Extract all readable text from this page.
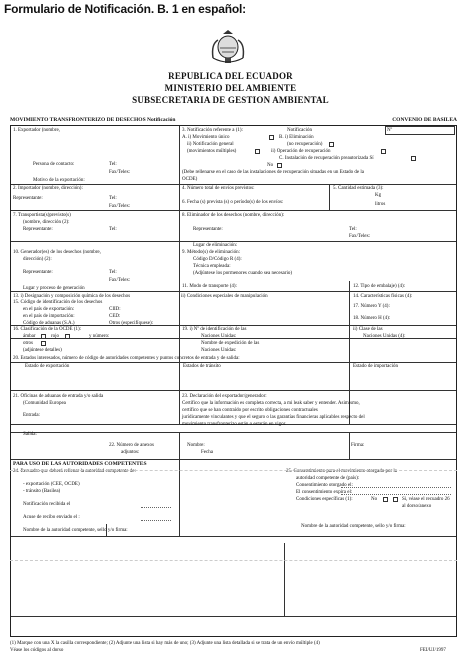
Formulario de Notificación. B. 1 en español:
REPUBLICA DEL ECUADOR
MINISTERIO DEL AMBIENTE
SUBSECRETARIA DE GESTION AMBIENTAL
MOVIMIENTO TRANSFRONTERIZO DE DESECHOS Notificación	CONVENIO DE BASILEA
1. Exportador (nombre,
Persona de contacto:	Tel:
Fax/Telex:
Motivo de la exportación:
3. Notificación referente a (1):	Notificación	Nº
A. i) Movimiento único	B. i) Eliminación
ii) Notificación general	(no recuperación)
(movimientos múltiples)	ii) Operación de recuperación
C. Instalación de recuperación preautorizada Sí
No
(Debe rellenarse en el caso de las instalaciones de recuperación situadas en un Estado de la
OCDE)
2. Importador (nombre, dirección):
Representante:	Tel:
Fax/Telex:
4. Número total de envíos previstos:	5. Cantidad estimada (3):
Kg
litros
6. Fecha (s) prevista (s) o período(s) de los envíos:
7. Transportista(s)previsto(s)
(nombre, dirección (2):
Representante:	Tel:
8. Eliminador de los desechos (nombre, dirección):
Representante:	Tel:
Fax/Telex:
Lugar de eliminación:
10. Generador(es) de los desechos (nombre,
dirección) (2):
Representante:	Tel:
Fax/Telex:
Lugar y proceso de generación
9. Método(s) de eliminación:
Código D/Código R (4):
Técnica empleada:
(Adjúntese los pormenores cuando sea necesario)
11. Modo de transporte (4):	12. Tipo de embalaje) (4):
13. i) Designación y composición química de los desechos	ii) Condiciones especiales de manipulación	14. Características físicas (4):
15. Código de identificación de los desechos
en el país de exportación:	CIID:
en el país de importación:	CED:
Código de aduanas (S.A.)	Otros (especifíquese):
17. Número Y (4):
18. Número H (4):
16. Clasificación de la OCDE (1):
ámbar	rojo	y número:
otros
(adjúntese detalles)
19. i) Nº de identificación de las
Naciones Unidas:
Nombre de expedición de las
Naciones Unidas:
ii) Clase de las
Naciones Unidas (4):
20. Estados interesados, número de código de autoridades competentes y puntos concretos de entrada y de salida:
Estado de exportación	Estados de tránsito	Estado de importación
21. Oficinas de aduanas de entrada y/o salida
(Comunidad Europea
Entrada:
Salida:
23. Declaración del exportador/generador:
Certifico que la información es completa correcta, a mi leak saber y entender. Asimismo,
certifico que se han contraído por escrito obligaciones contractuales
jurídicamente vinculantes y que el seguro o las garantías financieras aplicables respecto del
movimiento transfronterizo están o estarán en vigor.
22. Número de anexos
adjuntos:
Nombre:	Firma:
Fecha
PARA USO DE LAS AUTORIDADES COMPETENTES
24. Recuadro que deberá rellenar la autoridad competente de:
- exportación (CEE, OCDE)
- tránsito (Basilea)
Notificación recibida el
Acuse de recibo enviado el :
Nombre de la autoridad competente, sello y/o firma:
25. Consentimiento para el movimiento otorgado por la
autoridad competente de (país):
Consentimiento otorgado el:
El consentimiento expira el:
Condiciones específicas (1):	No	Si, véase el recuadro 26
al dorso/anexo
Nombre de la autoridad competente, sello y/o firma:
(1) Marque con una X la casilla correspondiente; (2) Adjunte una lista si hay más de uno; (3) Adjunte una lista detallada si se trata de un envío múltiple (4)
Véase los códigos al dorso	FEI/UJ/1997
